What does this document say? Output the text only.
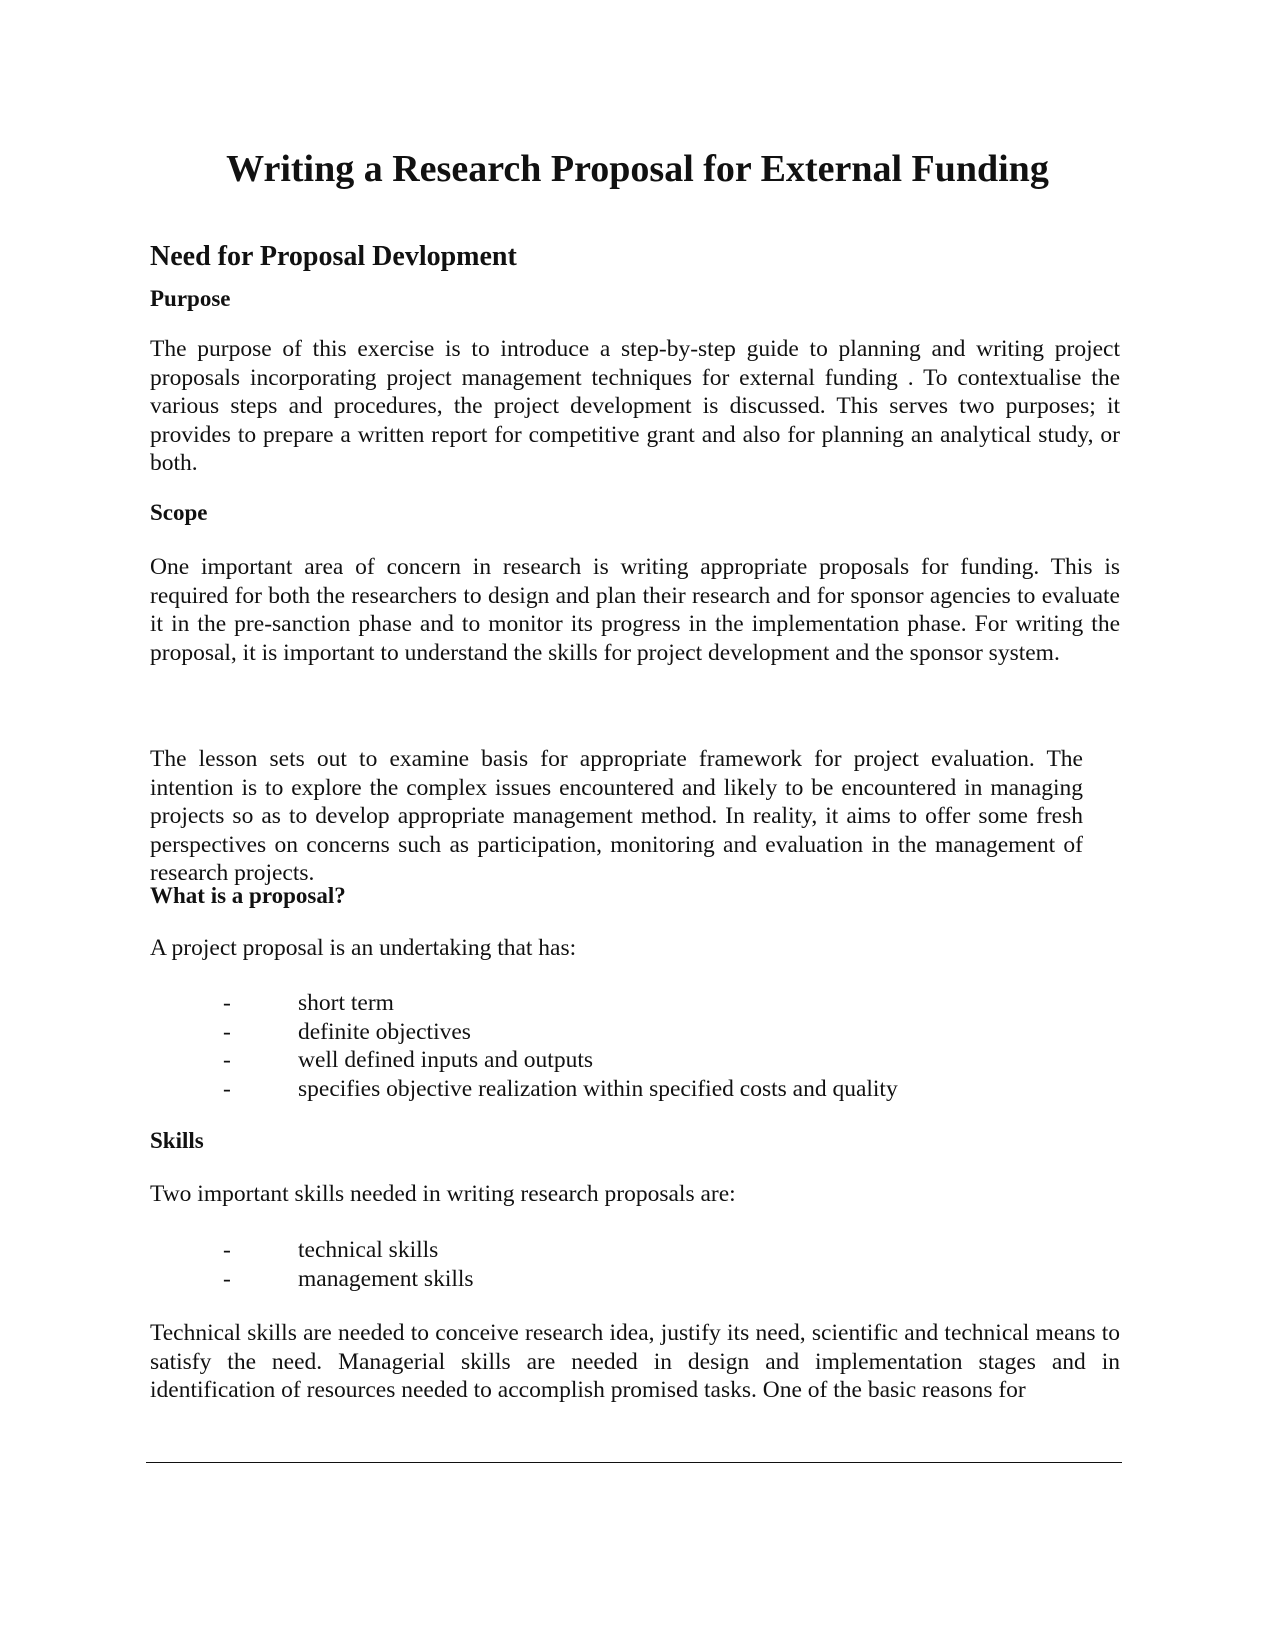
Writing a Research Proposal for External Funding
Need for Proposal Devlopment
Purpose

The purpose of this exercise is to introduce a step-by-step guide to planning and writing project proposals incorporating project management techniques for external funding . To contextualise the various steps and procedures, the project development is discussed. This serves two purposes; it provides to prepare a written report for competitive grant and also for planning an analytical study, or both.

Scope

One important area of concern in research is writing appropriate proposals for funding. This is required for both the researchers to design and plan their research and for sponsor agencies to evaluate it in the pre-sanction phase and to monitor its progress in the implementation phase. For writing the proposal, it is important to understand the skills for project development and the sponsor system.

The lesson sets out to examine basis for appropriate framework for project evaluation. The intention is to explore the complex issues encountered and likely to be encountered in managing projects so as to develop appropriate management method. In reality, it aims to offer some fresh perspectives on concerns such as participation, monitoring and evaluation in the management of research projects.

What is a proposal?

A project proposal is an undertaking that has:

-	short term
-	definite objectives
-	well defined inputs and outputs
-	specifies objective realization within specified costs and quality
Skills

Two important skills needed in writing research proposals are:

-	technical skills
-	management skills

Technical skills are needed to conceive research idea, justify its need, scientific and technical means to satisfy the need. Managerial skills are needed in design and implementation stages and in identification of resources needed to accomplish promised tasks. One of the basic reasons for
